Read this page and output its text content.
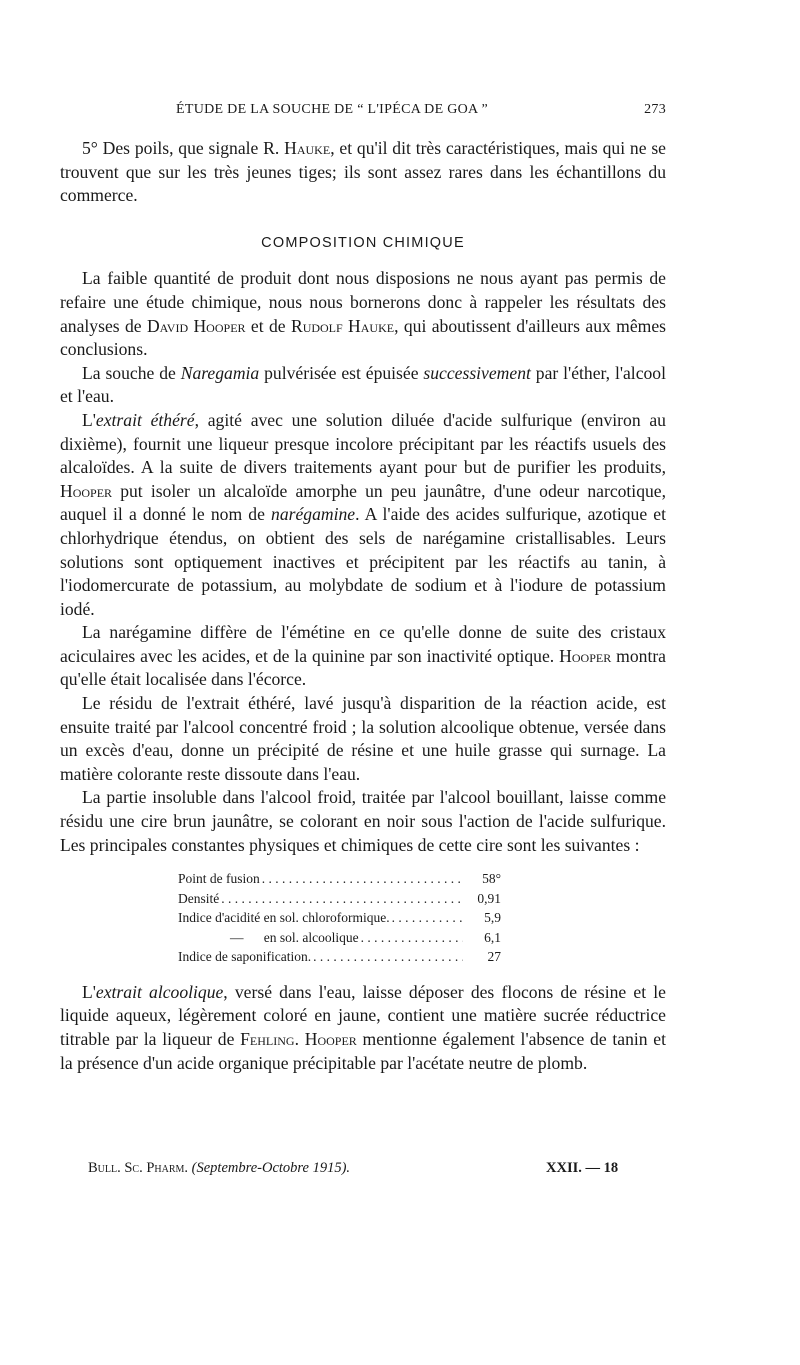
ÉTUDE DE LA SOUCHE DE “ L'IPÉCA DE GOA ”	273

5° Des poils, que signale R. Hauke, et qu'il dit très caractéristiques, mais qui ne se trouvent que sur les très jeunes tiges; ils sont assez rares dans les échantillons du commerce.

COMPOSITION CHIMIQUE

La faible quantité de produit dont nous disposions ne nous ayant pas permis de refaire une étude chimique, nous nous bornerons donc à rappeler les résultats des analyses de David Hooper et de Rudolf Hauke, qui aboutissent d'ailleurs aux mêmes conclusions.

La souche de Naregamia pulvérisée est épuisée successivement par l'éther, l'alcool et l'eau.

L'extrait éthéré, agité avec une solution diluée d'acide sulfurique (environ au dixième), fournit une liqueur presque incolore précipitant par les réactifs usuels des alcaloïdes. A la suite de divers traitements ayant pour but de purifier les produits, Hooper put isoler un alcaloïde amorphe un peu jaunâtre, d'une odeur narcotique, auquel il a donné le nom de narégamine. A l'aide des acides sulfurique, azotique et chlorhydrique étendus, on obtient des sels de narégamine cristallisables. Leurs solutions sont optiquement inactives et précipitent par les réactifs au tanin, à l'iodomercurate de potassium, au molybdate de sodium et à l'iodure de potassium iodé.

La narégamine diffère de l'émétine en ce qu'elle donne de suite des cristaux aciculaires avec les acides, et de la quinine par son inactivité optique. Hooper montra qu'elle était localisée dans l'écorce.

Le résidu de l'extrait éthéré, lavé jusqu'à disparition de la réaction acide, est ensuite traité par l'alcool concentré froid ; la solution alcoolique obtenue, versée dans un excès d'eau, donne un précipité de résine et une huile grasse qui surnage. La matière colorante reste dissoute dans l'eau.

La partie insoluble dans l'alcool froid, traitée par l'alcool bouillant, laisse comme résidu une cire brun jaunâtre, se colorant en noir sous l'action de l'acide sulfurique. Les principales constantes physiques et chimiques de cette cire sont les suivantes :

Point de fusion . . .	58°
Densité . . .	0,91
Indice d'acidité en sol. chloroformique. . . .	5,9
—      en sol. alcoolique . . .	6,1
Indice de saponification. . . .	27

L'extrait alcoolique, versé dans l'eau, laisse déposer des flocons de résine et le liquide aqueux, légèrement coloré en jaune, contient une matière sucrée réductrice titrable par la liqueur de Fehling. Hooper mentionne également l'absence de tanin et la présence d'un acide organique précipitable par l'acétate neutre de plomb.

Bull. Sc. Pharm. (Septembre-Octobre 1915).	XXII. — 18
